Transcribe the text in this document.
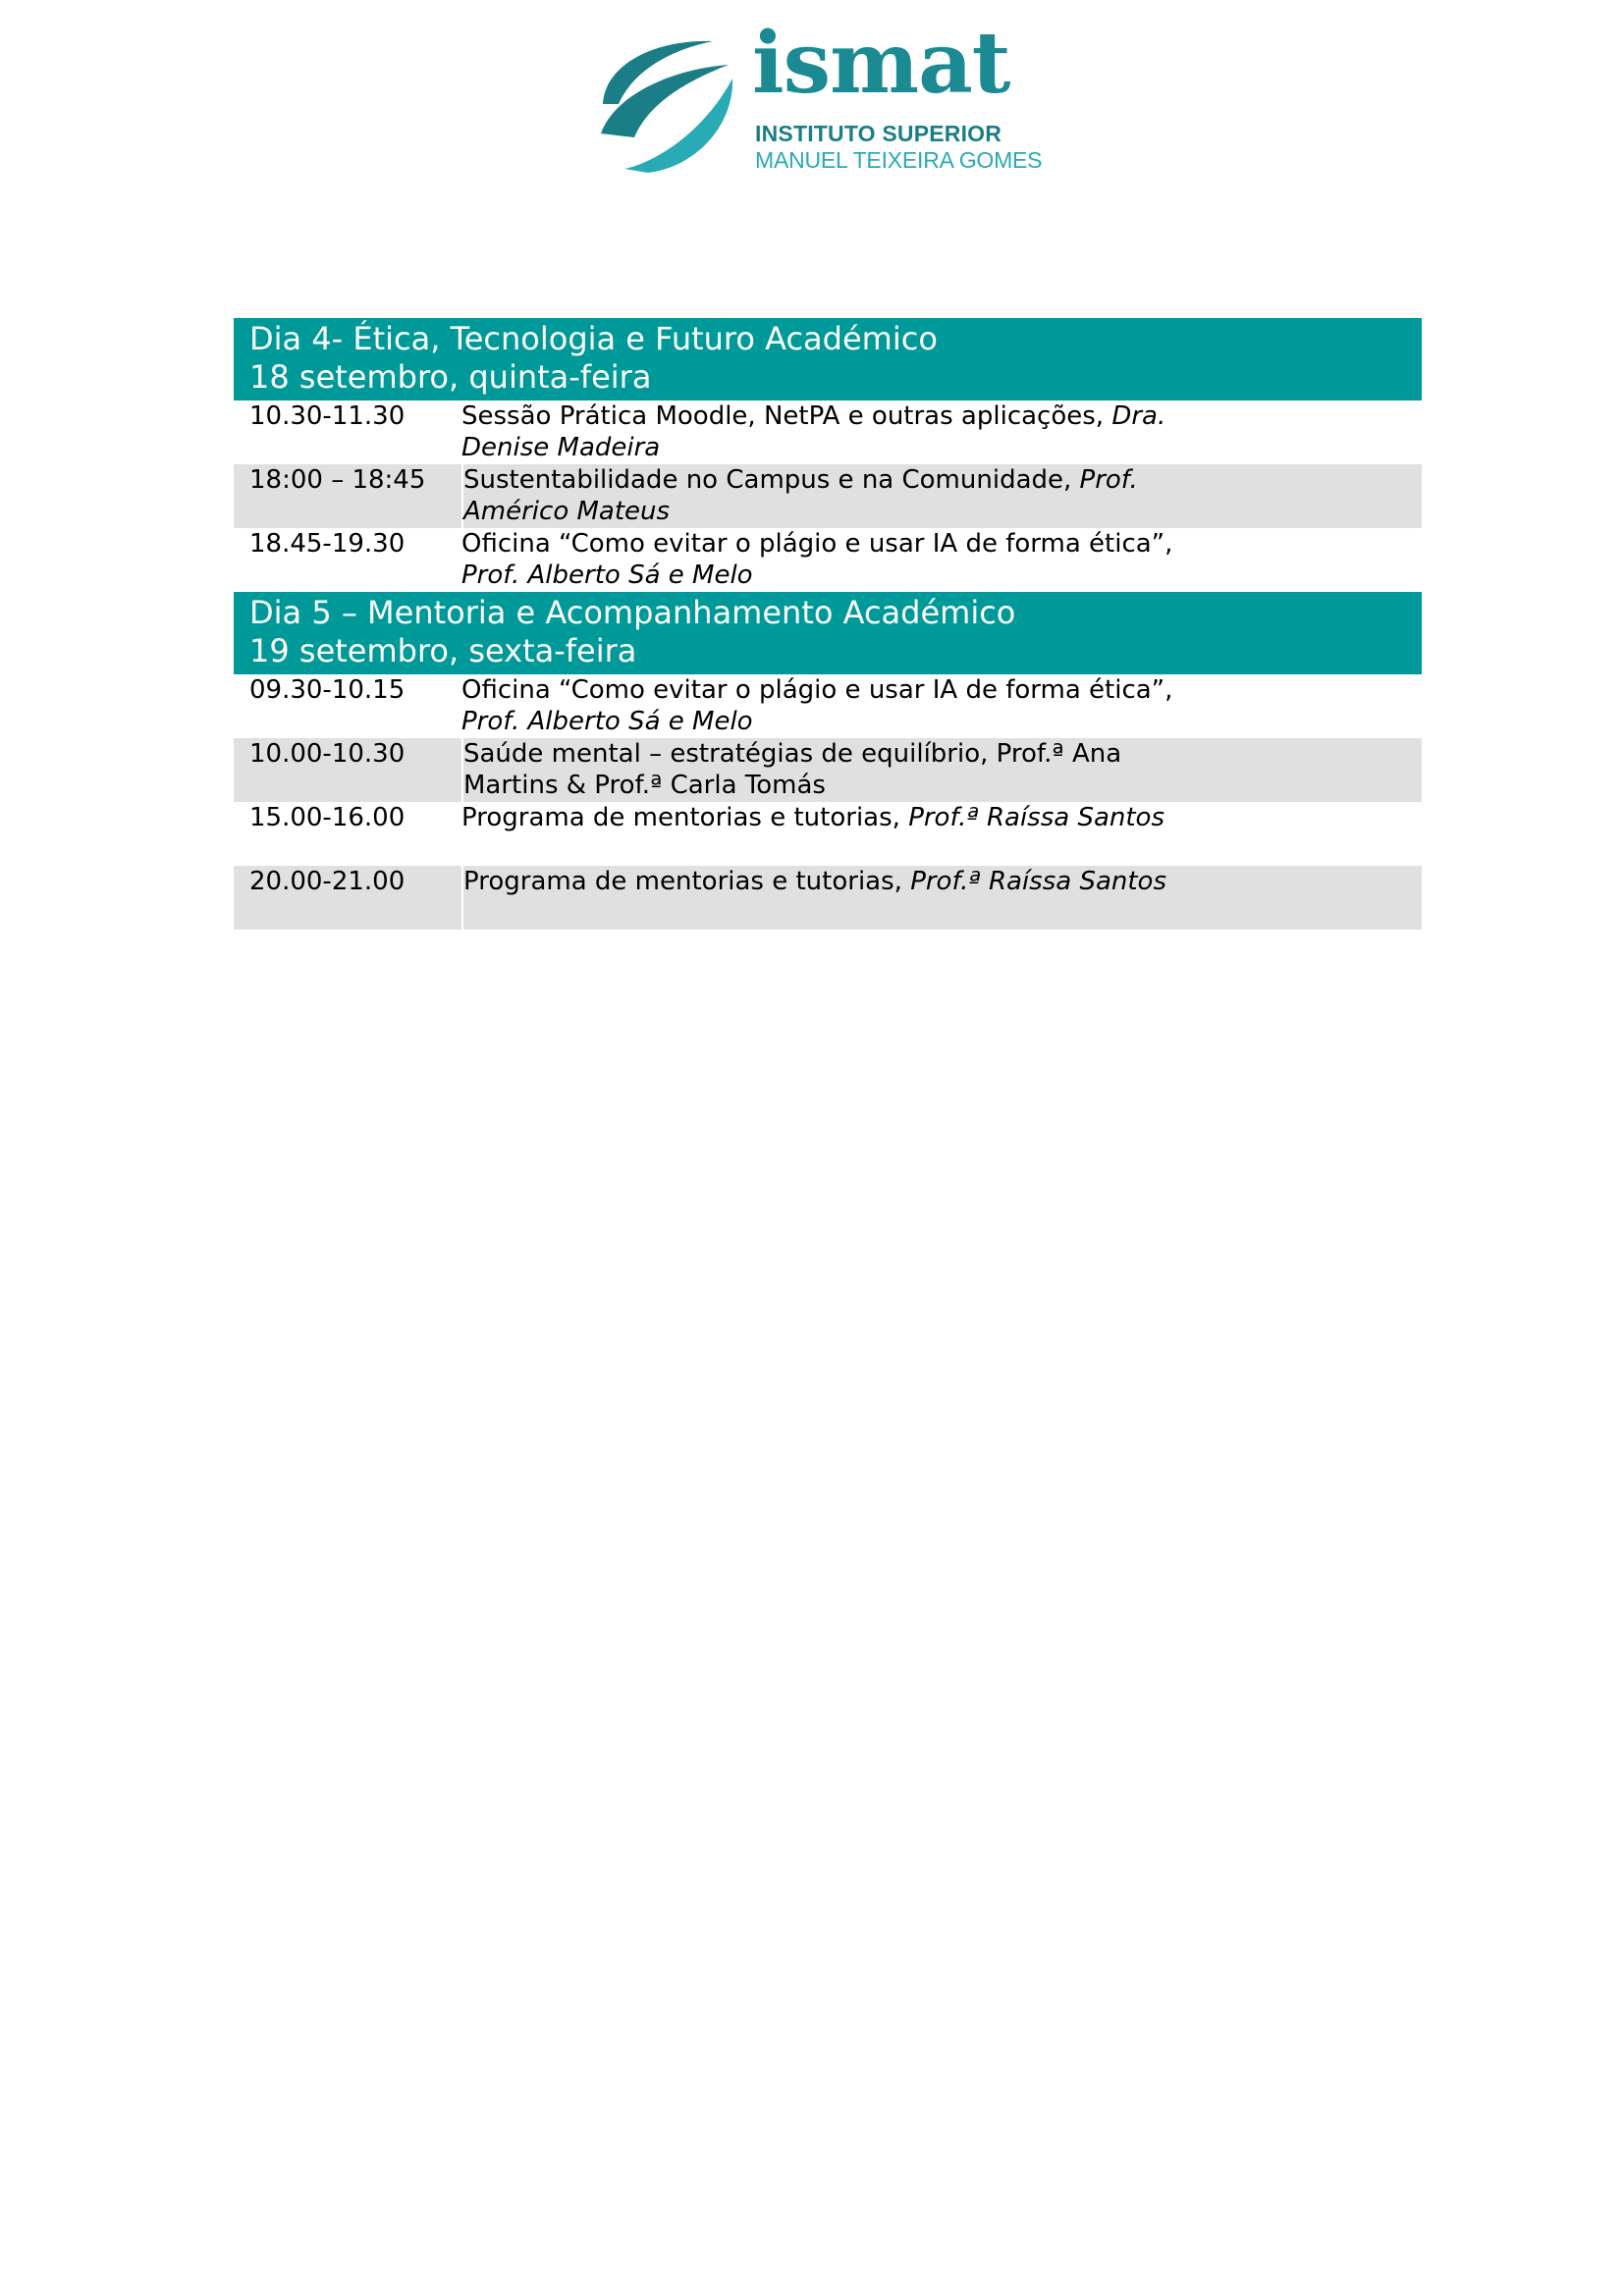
ismat
INSTITUTO SUPERIOR
MANUEL TEIXEIRA GOMES
Dia 4- Ética, Tecnologia e Futuro Académico
18 setembro, quinta-feira
10.30-11.30	Sessão Prática Moodle, NetPA e outras aplicações, Dra.
Denise Madeira
18:00 – 18:45	Sustentabilidade no Campus e na Comunidade, Prof.
Américo Mateus
18.45-19.30	Oficina “Como evitar o plágio e usar IA de forma ética”,
Prof. Alberto Sá e Melo
Dia 5 – Mentoria e Acompanhamento Académico
19 setembro, sexta-feira
09.30-10.15	Oficina “Como evitar o plágio e usar IA de forma ética”,
Prof. Alberto Sá e Melo
10.00-10.30	Saúde mental – estratégias de equilíbrio, Prof.ª Ana
Martins & Prof.ª Carla Tomás
15.00-16.00	Programa de mentorias e tutorias, Prof.ª Raíssa Santos
20.00-21.00	Programa de mentorias e tutorias, Prof.ª Raíssa Santos
